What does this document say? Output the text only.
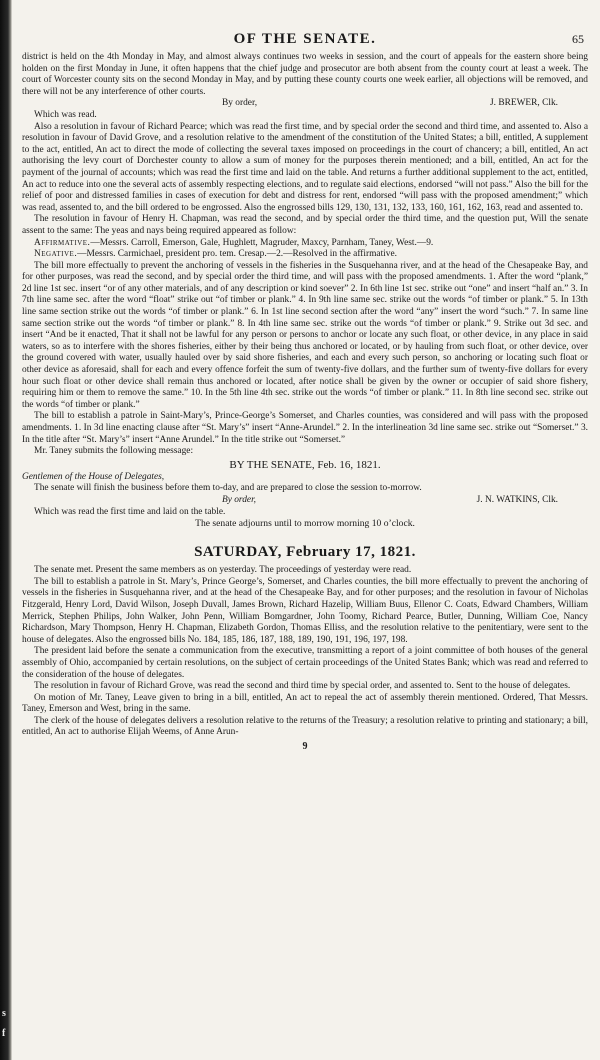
OF THE SENATE.	65

district is held on the 4th Monday in May, and almost always continues two weeks in session, and the court of appeals for the eastern shore being holden on the first Monday in June, it often happens that the chief judge and prosecutor are both absent from the county court at least a week. The court of Worcester county sits on the second Monday in May, and by putting these county courts one week earlier, all objections will be removed, and there will not be any interference of other courts.

By order,	J. BREWER, Clk.

Which was read.

Also a resolution in favour of Richard Pearce; which was read the first time, and by special order the second and third time, and assented to. Also a resolution in favour of David Grove, and a resolution relative to the amendment of the constitution of the United States; a bill, entitled, A supplement to the act, entitled, An act to direct the mode of collecting the several taxes imposed on proceedings in the court of chancery; a bill, entitled, An act authorising the levy court of Dorchester county to allow a sum of money for the purposes therein mentioned; and a bill, entitled, An act for the payment of the journal of accounts; which was read the first time and laid on the table. And returns a further additional supplement to the act, entitled, An act to reduce into one the several acts of assembly respecting elections, and to regulate said elections, endorsed “will not pass.” Also the bill for the relief of poor and distressed families in cases of execution for debt and distress for rent, endorsed “will pass with the proposed amendment;” which was read, assented to, and the bill ordered to be engrossed. Also the engrossed bills 129, 130, 131, 132, 133, 160, 161, 162, 163, read and assented to.

The resolution in favour of Henry H. Chapman, was read the second, and by special order the third time, and the question put, Will the senate assent to the same: The yeas and nays being required appeared as follow:

Affirmative.—Messrs. Carroll, Emerson, Gale, Hughlett, Magruder, Maxcy, Parnham, Taney, West.—9.

Negative.—Messrs. Carmichael, president pro. tem. Cresap.—2.—Resolved in the affirmative.

The bill more effectually to prevent the anchoring of vessels in the fisheries in the Susquehanna river, and at the head of the Chesapeake Bay, and for other purposes, was read the second, and by special order the third time, and will pass with the proposed amendments. 1. After the word “plank,” 2d line 1st sec. insert “or of any other materials, and of any description or kind soever” 2. In 6th line 1st sec. strike out “one” and insert “half an.” 3. In 7th line same sec. after the word “float” strike out “of timber or plank.” 4. In 9th line same sec. strike out the words “of timber or plank.” 5. In 13th line same section strike out the words “of timber or plank.” 6. In 1st line second section after the word “any” insert the word “such.” 7. In same line same section strike out the words “of timber or plank.” 8. In 4th line same sec. strike out the words “of timber or plank.” 9. Strike out 3d sec. and insert “And be it enacted, That it shall not be lawful for any person or persons to anchor or locate any such float, or other device, in any place in said waters, so as to interfere with the shores fisheries, either by their being thus anchored or located, or by hauling from such float, or other device, over the ground covered with water, usually hauled over by said shore fisheries, and each and every such person, so anchoring or locating such float or other device as aforesaid, shall for each and every offence forfeit the sum of twenty-five dollars, and the further sum of twenty-five dollars for every hour such float or other device shall remain thus anchored or located, after notice shall be given by the owner or occupier of said shore fishery, requiring him or them to remove the same.” 10. In the 5th line 4th sec. strike out the words “of timber or plank.” 11. In 8th line second sec. strike out the words “of timber or plank.”

The bill to establish a patrole in Saint-Mary’s, Prince-George’s Somerset, and Charles counties, was considered and will pass with the proposed amendments. 1. In 3d line enacting clause after “St. Mary’s” insert “Anne-Arundel.” 2. In the interlineation 3d line same sec. strike out “Somerset.” 3. In the title after “St. Mary’s” insert “Anne Arundel.” In the title strike out “Somerset.”

Mr. Taney submits the following message:

BY THE SENATE, Feb. 16, 1821.

Gentlemen of the House of Delegates,

The senate will finish the business before them to-day, and are prepared to close the session to-morrow.

By order,	J. N. WATKINS, Clk.

Which was read the first time and laid on the table.

The senate adjourns until to morrow morning 10 o’clock.

SATURDAY, February 17, 1821.

The senate met. Present the same members as on yesterday. The proceedings of yesterday were read.

The bill to establish a patrole in St. Mary’s, Prince George’s, Somerset, and Charles counties, the bill more effectually to prevent the anchoring of vessels in the fisheries in Susquehanna river, and at the head of the Chesapeake Bay, and for other purposes; and the resolution in favour of Nicholas Fitzgerald, Henry Lord, David Wilson, Joseph Duvall, James Brown, Richard Hazelip, William Buus, Ellenor C. Coats, Edward Chambers, William Merrick, Stephen Philips, John Walker, John Penn, William Bomgardner, John Toomy, Richard Pearce, Butler, Dunning, William Coe, Nancy Richardson, Mary Thompson, Henry H. Chapman, Elizabeth Gordon, Thomas Elliss, and the resolution relative to the penitentiary, were sent to the house of delegates. Also the engrossed bills No. 184, 185, 186, 187, 188, 189, 190, 191, 196, 197, 198.

The president laid before the senate a communication from the executive, transmitting a report of a joint committee of both houses of the general assembly of Ohio, accompanied by certain resolutions, on the subject of certain proceedings of the United States Bank; which was read and referred to the consideration of the house of delegates.

The resolution in favour of Richard Grove, was read the second and third time by special order, and assented to. Sent to the house of delegates.

On motion of Mr. Taney, Leave given to bring in a bill, entitled, An act to repeal the act of assembly therein mentioned. Ordered, That Messrs. Taney, Emerson and West, bring in the same.

The clerk of the house of delegates delivers a resolution relative to the returns of the Treasury; a resolution relative to printing and stationary; a bill, entitled, An act to authorise Elijah Weems, of Anne Arun-

9
s
f
